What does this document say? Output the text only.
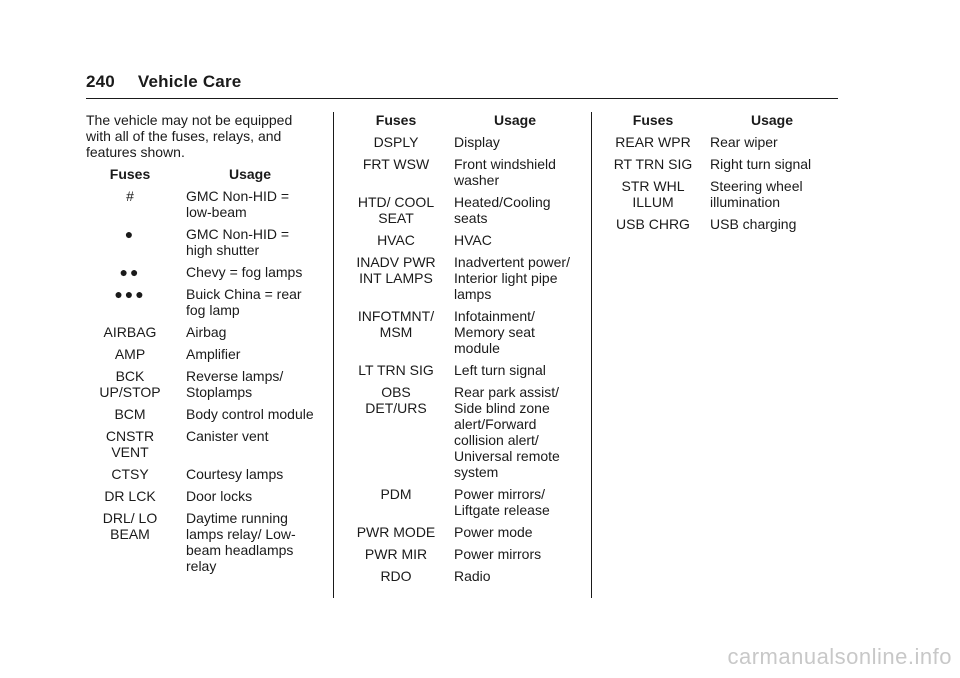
240 Vehicle Care

The vehicle may not be equipped with all of the fuses, relays, and features shown.

Fuses	Usage
#	GMC Non-HID = low-beam
●	GMC Non-HID = high shutter
●●	Chevy = fog lamps
●●●	Buick China = rear fog lamp
AIRBAG	Airbag
AMP	Amplifier
BCK UP/STOP	Reverse lamps/ Stoplamps
BCM	Body control module
CNSTR VENT	Canister vent
CTSY	Courtesy lamps
DR LCK	Door locks
DRL/ LO BEAM	Daytime running lamps relay/ Low-beam headlamps relay
Fuses	Usage
DSPLY	Display
FRT WSW	Front windshield washer
HTD/ COOL SEAT	Heated/Cooling seats
HVAC	HVAC
INADV PWR INT LAMPS	Inadvertent power/ Interior light pipe lamps
INFOTMNT/ MSM	Infotainment/ Memory seat module
LT TRN SIG	Left turn signal
OBS DET/URS	Rear park assist/ Side blind zone alert/Forward collision alert/ Universal remote system
PDM	Power mirrors/ Liftgate release
PWR MODE	Power mode
PWR MIR	Power mirrors
RDO	Radio
Fuses	Usage
REAR WPR	Rear wiper
RT TRN SIG	Right turn signal
STR WHL ILLUM	Steering wheel illumination
USB CHRG	USB charging
carmanualsonline.info
